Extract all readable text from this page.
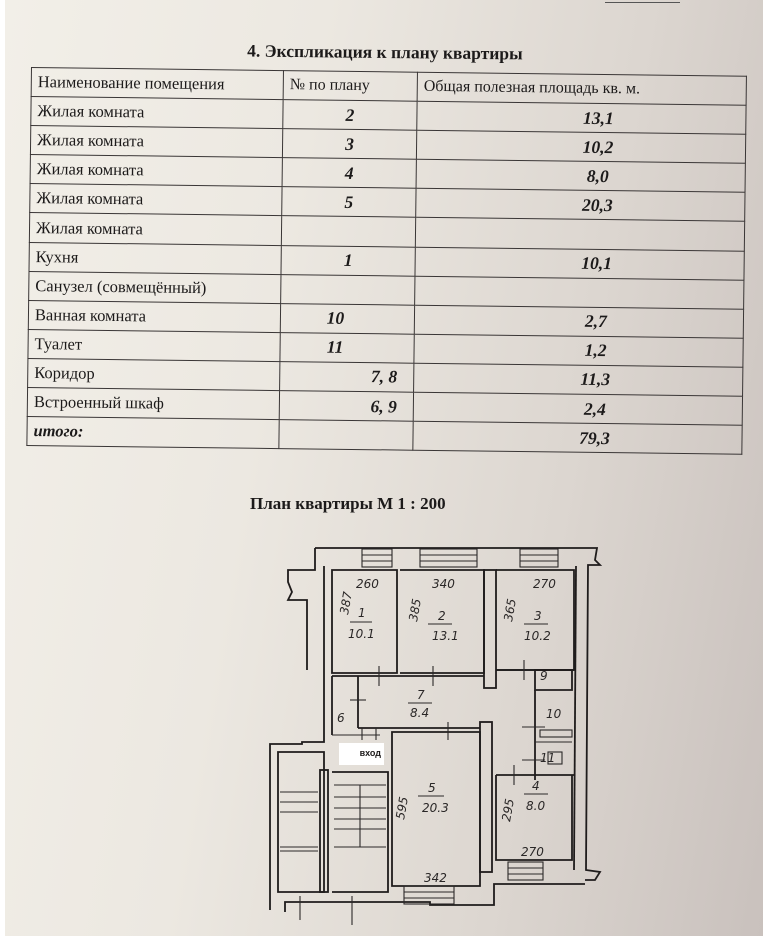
4. Экспликация к плану квартиры
Наименование помещения	№ по плану	Общая полезная площадь кв. м.
Жилая комната	2	13,1
Жилая комната	3	10,2
Жилая комната	4	8,0
Жилая комната	5	20,3
Жилая комната		
Кухня	1	10,1
Санузел (совмещённый)		
Ванная комната	10	2,7
Туалет	11	1,2
Коридор	7, 8	11,3
Встроенный шкаф	6, 9	2,4
итого:		79,3
План квартиры М 1 : 200
260
387 1
10.1
340
385 2
13.1
270
365 3
10.2
9
10
11
7
8.4
6
5
20.3
595
342
4
8.0
295
270
вход
